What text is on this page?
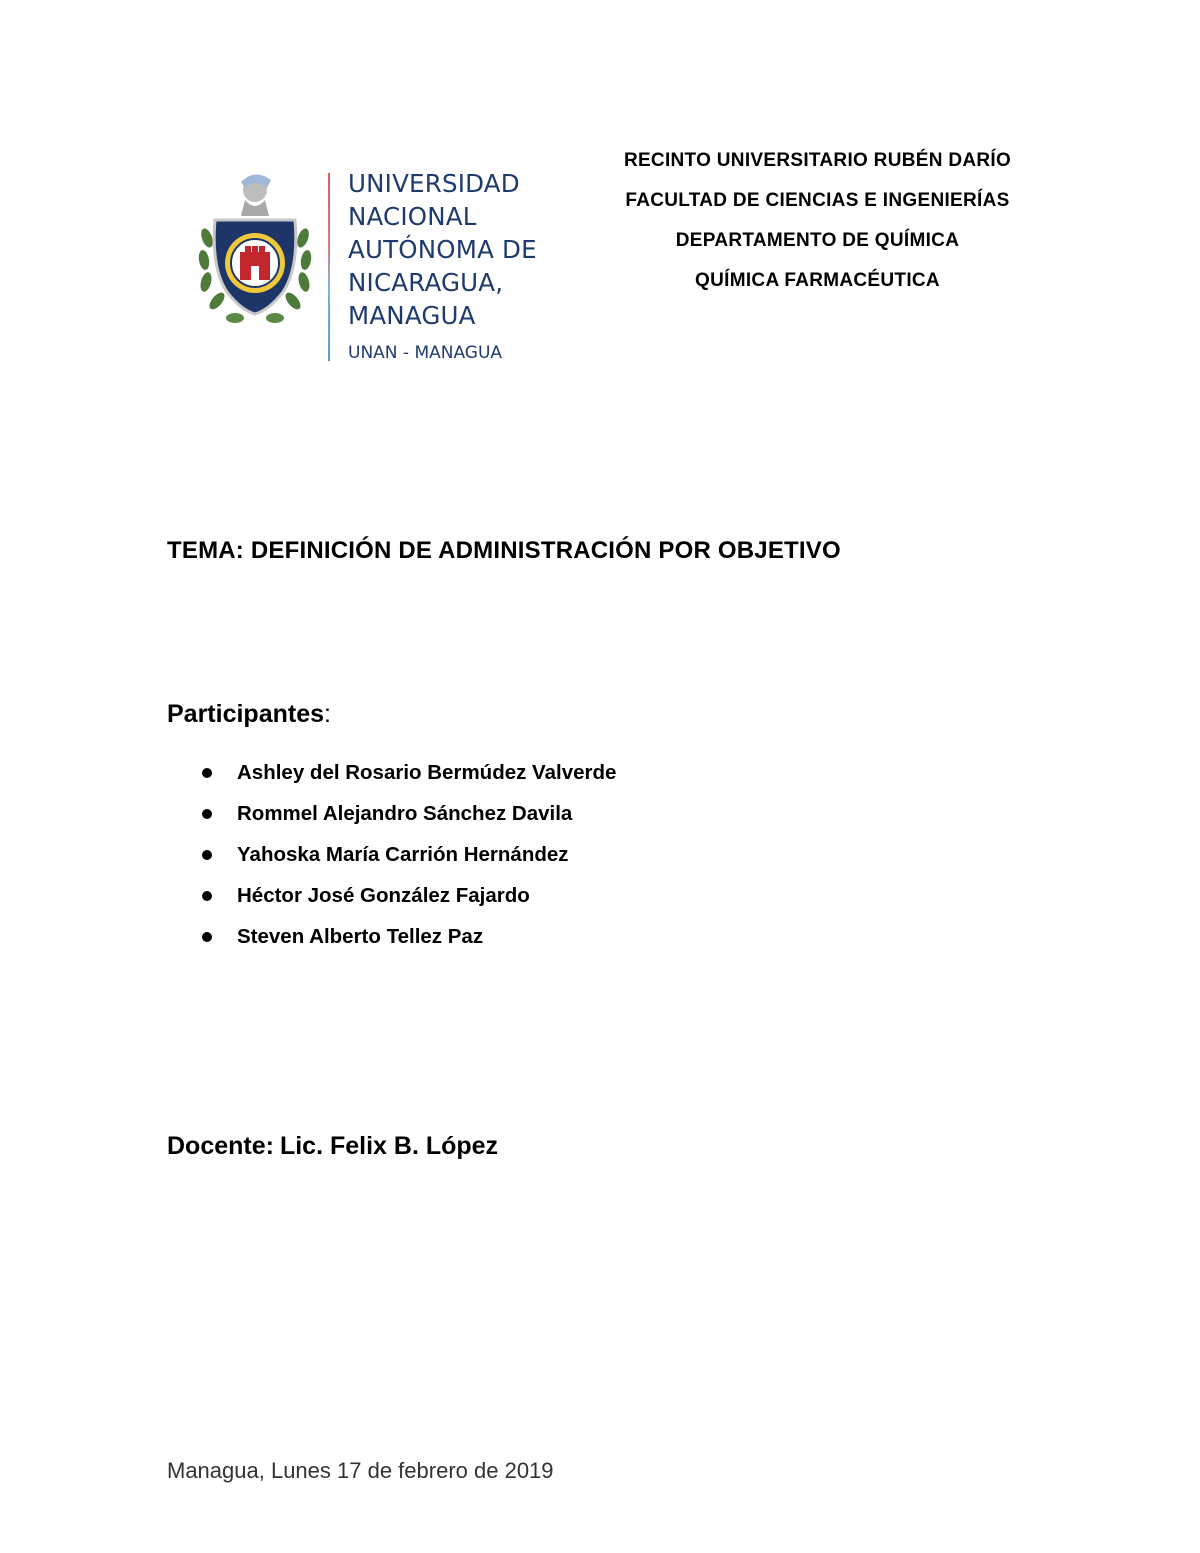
UNIVERSIDAD
NACIONAL
AUTÓNOMA DE
NICARAGUA,
MANAGUA
UNAN - MANAGUA
RECINTO UNIVERSITARIO RUBÉN DARÍO
FACULTAD DE CIENCIAS E INGENIERÍAS
DEPARTAMENTO DE QUÍMICA
QUÍMICA FARMACÉUTICA
TEMA: DEFINICIÓN DE ADMINISTRACIÓN POR OBJETIVO
Participantes:
Ashley del Rosario Bermúdez Valverde
Rommel Alejandro Sánchez Davila
Yahoska María Carrión Hernández
Héctor José González Fajardo
Steven Alberto Tellez Paz
Docente: Lic. Felix B. López
Managua, Lunes 17 de febrero de 2019
